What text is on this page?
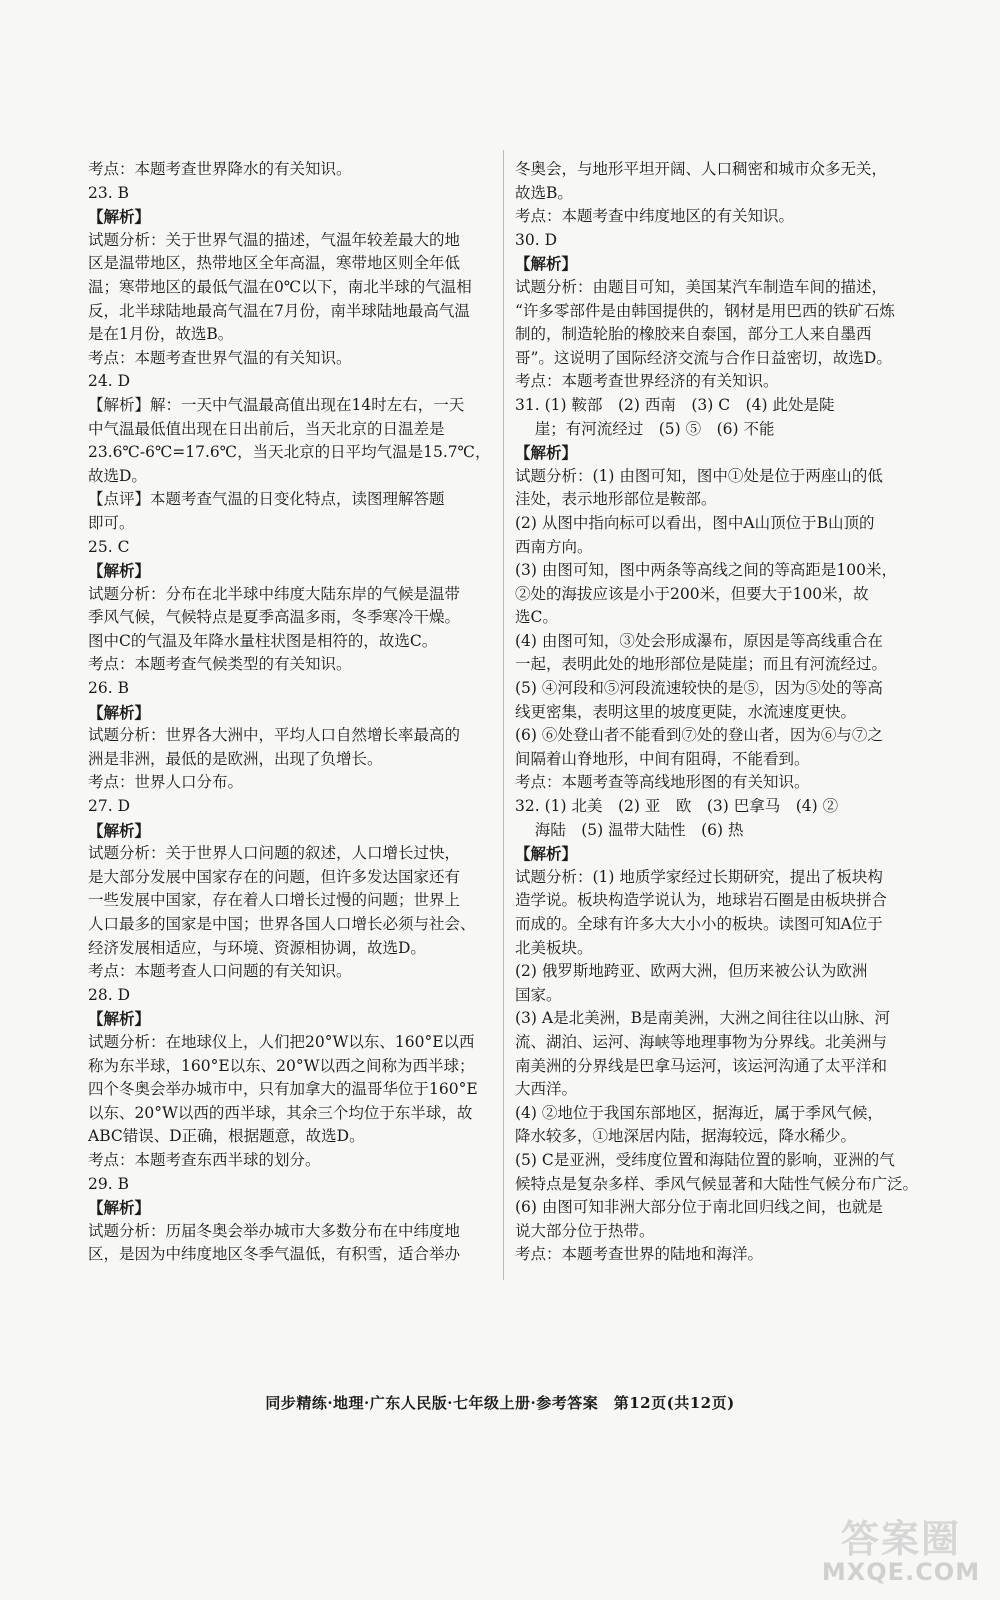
考点：本题考查世界降水的有关知识。
23. B
【解析】
试题分析：关于世界气温的描述，气温年较差最大的地
区是温带地区，热带地区全年高温，寒带地区则全年低
温；寒带地区的最低气温在0℃以下，南北半球的气温相
反，北半球陆地最高气温在7月份，南半球陆地最高气温
是在1月份，故选B。
考点：本题考查世界气温的有关知识。
24. D
【解析】解：一天中气温最高值出现在14时左右，一天
中气温最低值出现在日出前后，当天北京的日温差是
23.6℃-6℃=17.6℃，当天北京的日平均气温是15.7℃，
故选D。
【点评】本题考查气温的日变化特点，读图理解答题
即可。
25. C
【解析】
试题分析：分布在北半球中纬度大陆东岸的气候是温带
季风气候，气候特点是夏季高温多雨，冬季寒冷干燥。
图中C的气温及年降水量柱状图是相符的，故选C。
考点：本题考查气候类型的有关知识。
26. B
【解析】
试题分析：世界各大洲中，平均人口自然增长率最高的
洲是非洲，最低的是欧洲，出现了负增长。
考点：世界人口分布。
27. D
【解析】
试题分析：关于世界人口问题的叙述，人口增长过快，
是大部分发展中国家存在的问题，但许多发达国家还有
一些发展中国家，存在着人口增长过慢的问题；世界上
人口最多的国家是中国；世界各国人口增长必须与社会、
经济发展相适应，与环境、资源相协调，故选D。
考点：本题考查人口问题的有关知识。
28. D
【解析】
试题分析：在地球仪上，人们把20°W以东、160°E以西
称为东半球，160°E以东、20°W以西之间称为西半球；
四个冬奥会举办城市中，只有加拿大的温哥华位于160°E
以东、20°W以西的西半球，其余三个均位于东半球，故
ABC错误、D正确，根据题意，故选D。
考点：本题考查东西半球的划分。
29. B
【解析】
试题分析：历届冬奥会举办城市大多数分布在中纬度地
区，是因为中纬度地区冬季气温低，有积雪，适合举办
冬奥会，与地形平坦开阔、人口稠密和城市众多无关，
故选B。
考点：本题考查中纬度地区的有关知识。
30. D
【解析】
试题分析：由题目可知，美国某汽车制造车间的描述，
“许多零部件是由韩国提供的，钢材是用巴西的铁矿石炼
制的，制造轮胎的橡胶来自泰国，部分工人来自墨西
哥”。这说明了国际经济交流与合作日益密切，故选D。
考点：本题考查世界经济的有关知识。
31. (1) 鞍部　(2) 西南　(3) C　(4) 此处是陡
崖；有河流经过　(5) ⑤　(6) 不能
【解析】
试题分析：(1) 由图可知，图中①处是位于两座山的低
洼处，表示地形部位是鞍部。
(2) 从图中指向标可以看出，图中A山顶位于B山顶的
西南方向。
(3) 由图可知，图中两条等高线之间的等高距是100米，
②处的海拔应该是小于200米，但要大于100米，故
选C。
(4) 由图可知，③处会形成瀑布，原因是等高线重合在
一起，表明此处的地形部位是陡崖；而且有河流经过。
(5) ④河段和⑤河段流速较快的是⑤，因为⑤处的等高
线更密集，表明这里的坡度更陡，水流速度更快。
(6) ⑥处登山者不能看到⑦处的登山者，因为⑥与⑦之
间隔着山脊地形，中间有阻碍，不能看到。
考点：本题考查等高线地形图的有关知识。
32. (1) 北美　(2) 亚　欧　(3) 巴拿马　(4) ②
海陆　(5) 温带大陆性　(6) 热
【解析】
试题分析：(1) 地质学家经过长期研究，提出了板块构
造学说。板块构造学说认为，地球岩石圈是由板块拼合
而成的。全球有许多大大小小的板块。读图可知A位于
北美板块。
(2) 俄罗斯地跨亚、欧两大洲，但历来被公认为欧洲
国家。
(3) A是北美洲，B是南美洲，大洲之间往往以山脉、河
流、湖泊、运河、海峡等地理事物为分界线。北美洲与
南美洲的分界线是巴拿马运河，该运河沟通了太平洋和
大西洋。
(4) ②地位于我国东部地区，据海近，属于季风气候，
降水较多，①地深居内陆，据海较远，降水稀少。
(5) C是亚洲，受纬度位置和海陆位置的影响，亚洲的气
候特点是复杂多样、季风气候显著和大陆性气候分布广泛。
(6) 由图可知非洲大部分位于南北回归线之间，也就是
说大部分位于热带。
考点：本题考查世界的陆地和海洋。
同步精练·地理·广东人民版·七年级上册·参考答案　第12页(共12页)
答案圈
MXQE.COM
